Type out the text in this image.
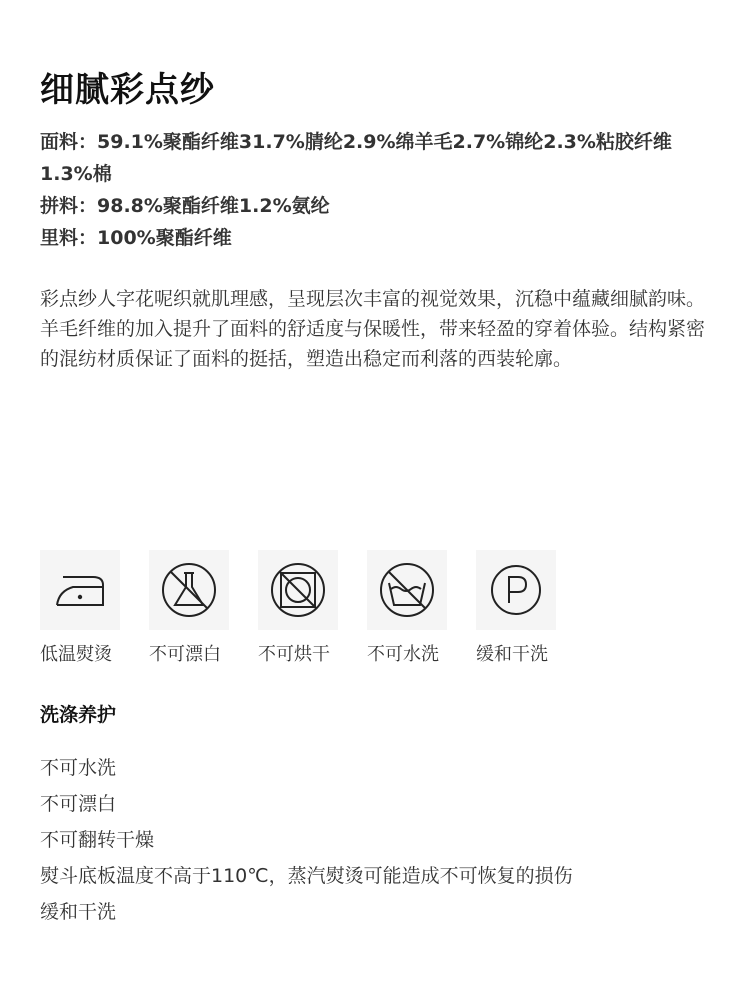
细腻彩点纱
面料：59.1%聚酯纤维31.7%腈纶2.9%绵羊毛2.7%锦纶2.3%粘胶纤维1.3%棉
拼料：98.8%聚酯纤维1.2%氨纶
里料：100%聚酯纤维

彩点纱人字花呢织就肌理感，呈现层次丰富的视觉效果，沉稳中蕴藏细腻韵味。羊毛纤维的加入提升了面料的舒适度与保暖性，带来轻盈的穿着体验。结构紧密的混纺材质保证了面料的挺括，塑造出稳定而利落的西装轮廓。

低温熨烫 不可漂白 不可烘干 不可水洗 缓和干洗
洗涤养护
不可水洗
不可漂白
不可翻转干燥
熨斗底板温度不高于110℃，蒸汽熨烫可能造成不可恢复的损伤
缓和干洗
